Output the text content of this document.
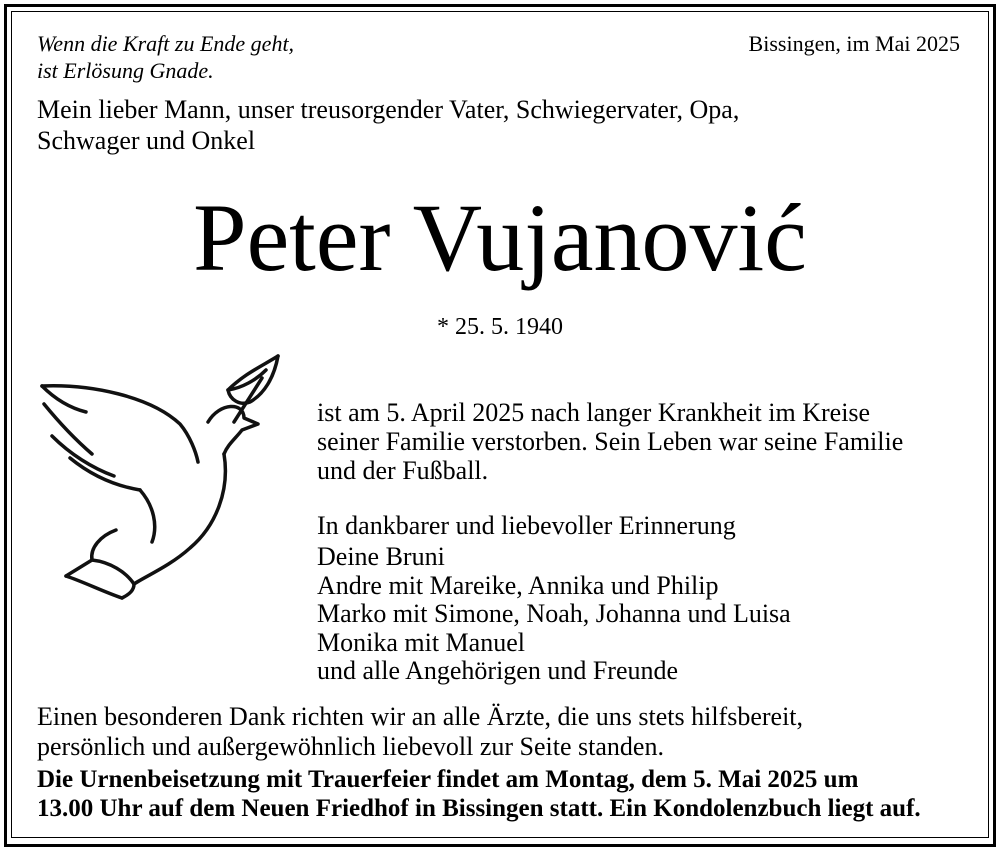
Wenn die Kraft zu Ende geht,
ist Erlösung Gnade.
Bissingen, im Mai 2025
Mein lieber Mann, unser treusorgender Vater, Schwiegervater, Opa,
Schwager und Onkel
Peter Vujanović
* 25. 5. 1940
ist am 5. April 2025 nach langer Krankheit im Kreise
seiner Familie verstorben. Sein Leben war seine Familie
und der Fußball.
In dankbarer und liebevoller Erinnerung
Deine Bruni
Andre mit Mareike, Annika und Philip
Marko mit Simone, Noah, Johanna und Luisa
Monika mit Manuel
und alle Angehörigen und Freunde
Einen besonderen Dank richten wir an alle Ärzte, die uns stets hilfsbereit,
persönlich und außergewöhnlich liebevoll zur Seite standen.
Die Urnenbeisetzung mit Trauerfeier findet am Montag, dem 5. Mai 2025 um
13.00 Uhr auf dem Neuen Friedhof in Bissingen statt. Ein Kondolenzbuch liegt auf.
